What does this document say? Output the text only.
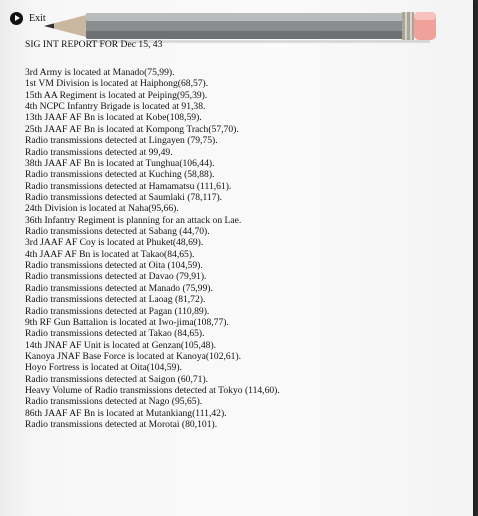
Exit
SIG INT REPORT FOR Dec 15, 43
3rd Army is located at Manado(75,99).
1st VM Division is located at Haiphong(68,57).
15th AA Regiment is located at Peiping(95,39).
4th NCPC Infantry Brigade is located at 91,38.
13th JAAF AF Bn is located at Kobe(108,59).
25th JAAF AF Bn is located at Kompong Trach(57,70).
Radio transmissions detected at Lingayen (79,75).
Radio transmissions detected at 99,49.
38th JAAF AF Bn is located at Tunghua(106,44).
Radio transmissions detected at Kuching (58,88).
Radio transmissions detected at Hamamatsu (111,61).
Radio transmissions detected at Saumlaki (78,117).
24th Division is located at Naha(95,66).
36th Infantry Regiment is planning for an attack on Lae.
Radio transmissions detected at Sabang (44,70).
3rd JAAF AF Coy is located at Phuket(48,69).
4th JAAF AF Bn is located at Takao(84,65).
Radio transmissions detected at Oita (104,59).
Radio transmissions detected at Davao (79,91).
Radio transmissions detected at Manado (75,99).
Radio transmissions detected at Laoag (81,72).
Radio transmissions detected at Pagan (110,89).
9th RF Gun Battalion is located at Iwo-jima(108,77).
Radio transmissions detected at Takao (84,65).
14th JNAF AF Unit is located at Genzan(105,48).
Kanoya JNAF Base Force is located at Kanoya(102,61).
Hoyo Fortress is located at Oita(104,59).
Radio transmissions detected at Saigon (60,71).
Heavy Volume of Radio transmissions detected at Tokyo (114,60).
Radio transmissions detected at Nago (95,65).
86th JAAF AF Bn is located at Mutankiang(111,42).
Radio transmissions detected at Morotai (80,101).
